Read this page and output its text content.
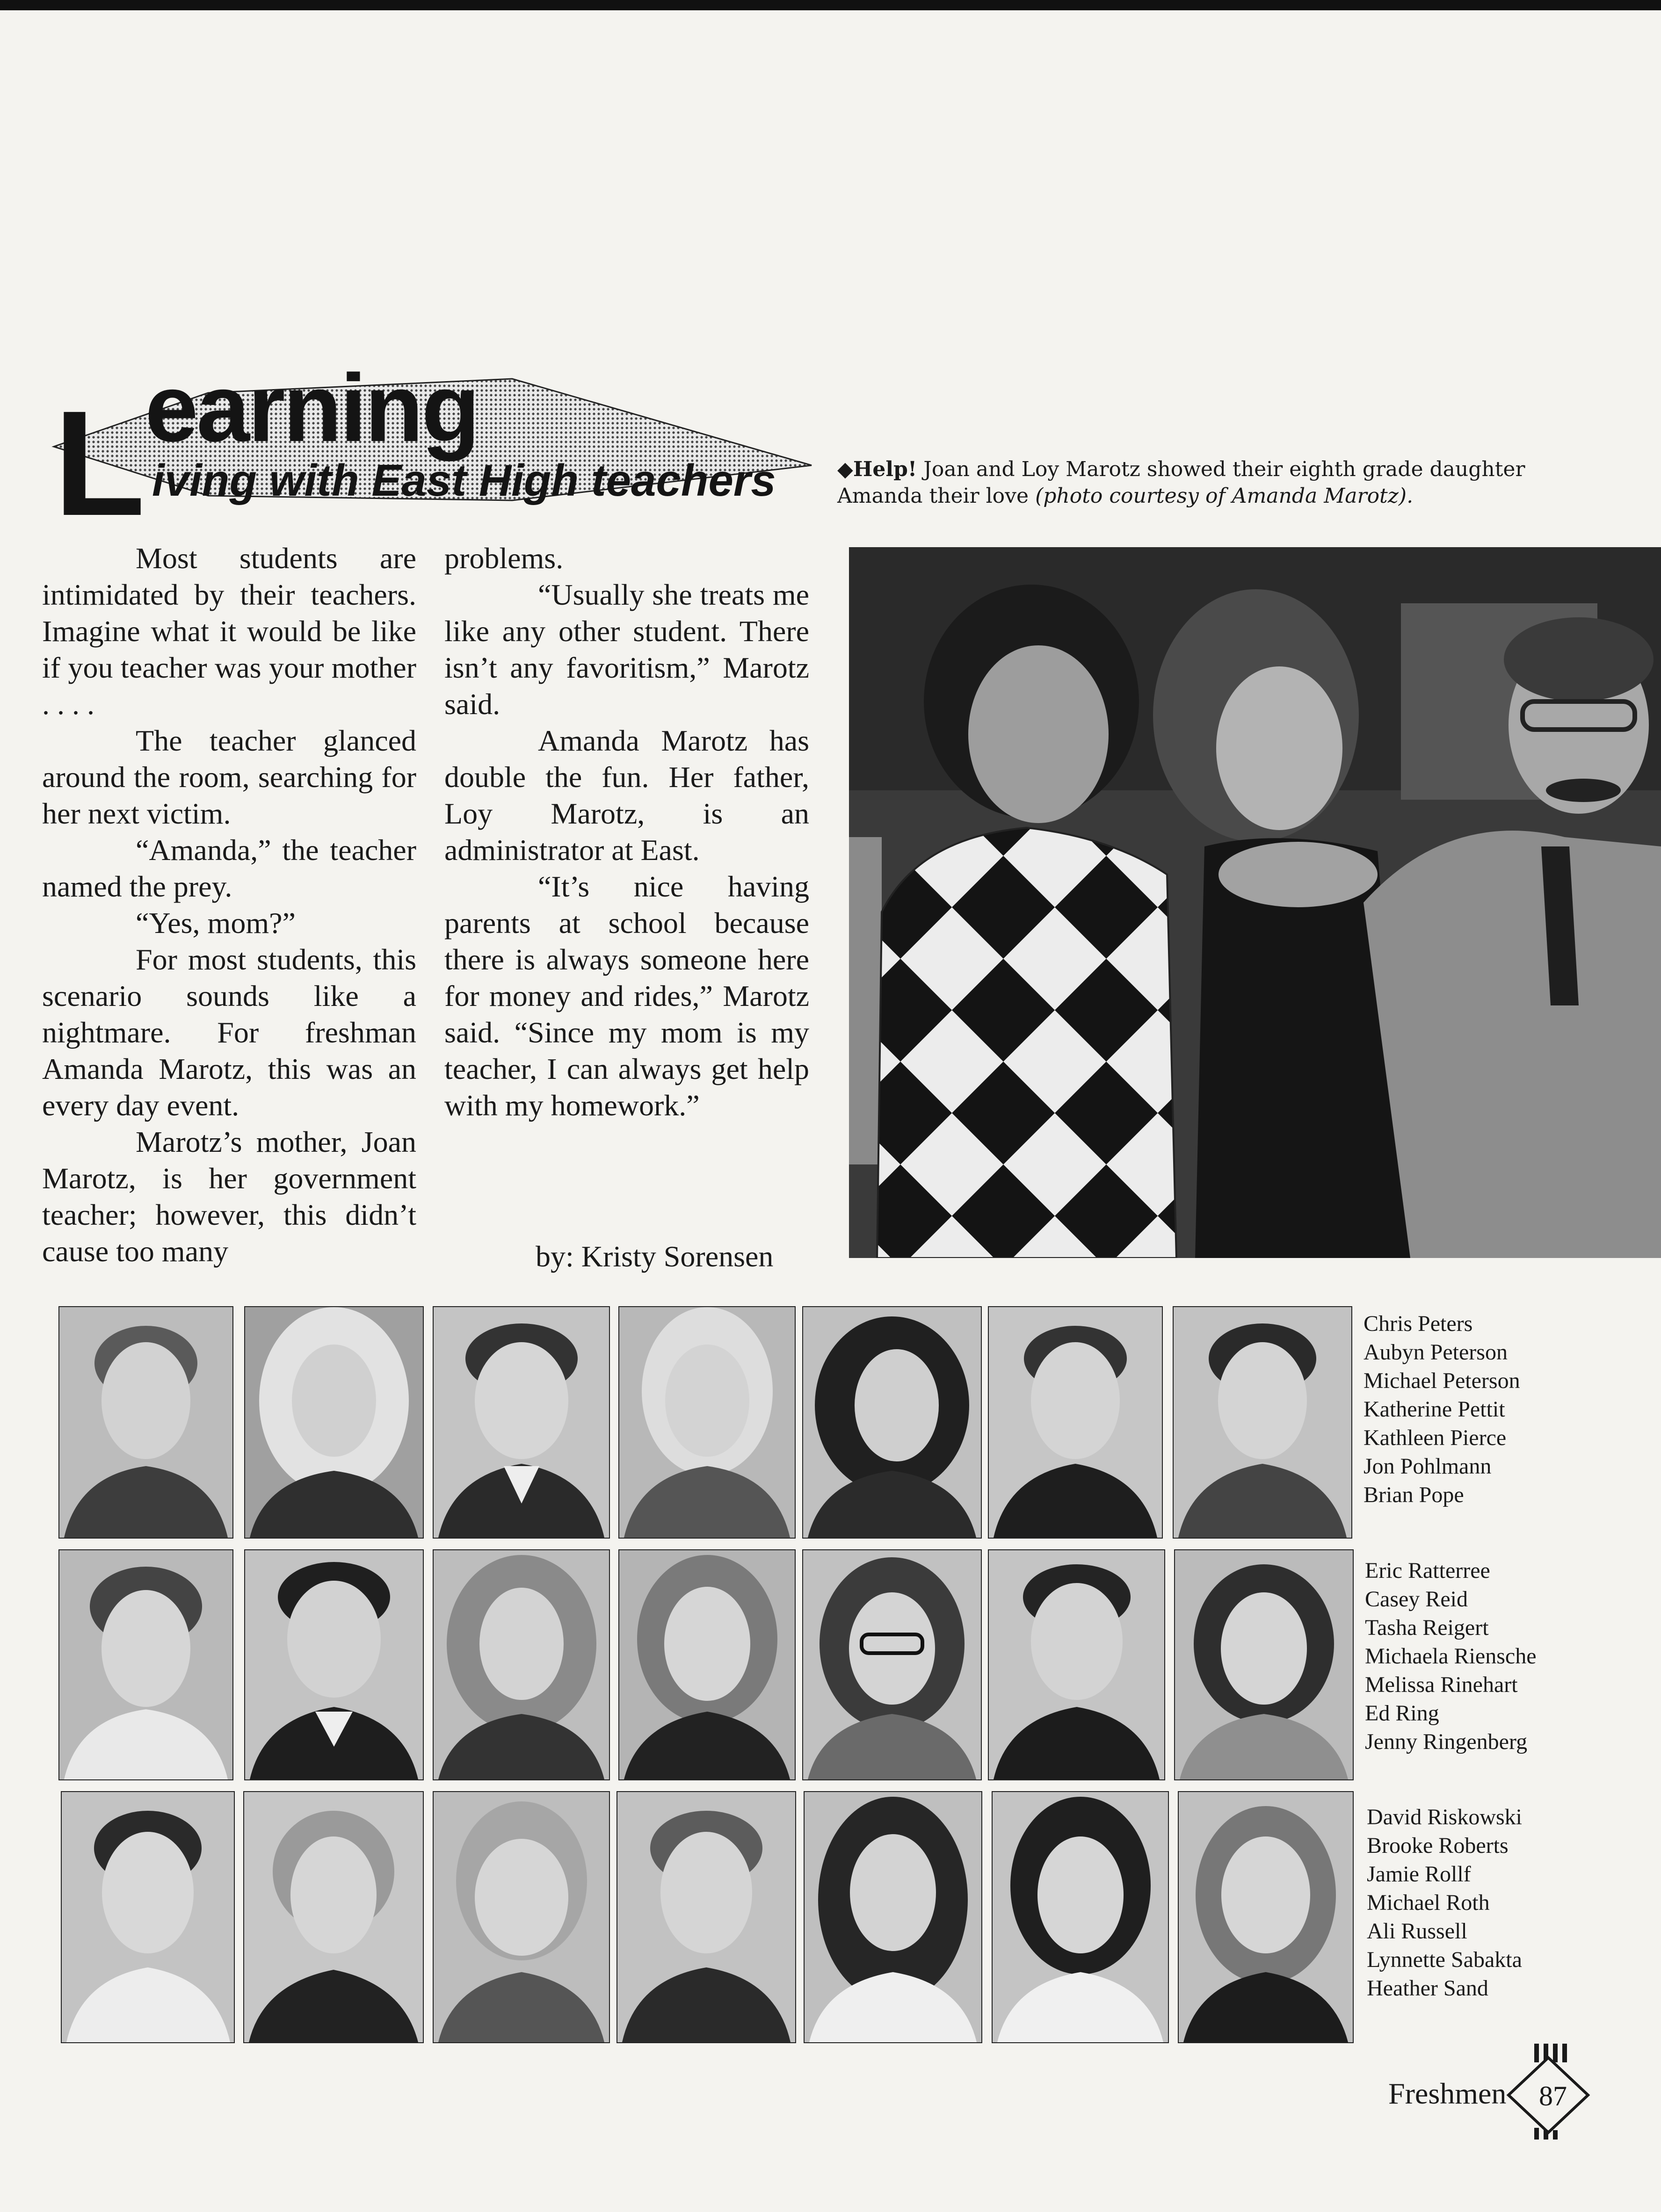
L earning
iving with East High teachers

Most students are intimidated by their teachers. Imagine what it would be like if you teacher was your mother . . . .

The teacher glanced around the room, searching for her next victim.

“Amanda,” the teacher named the prey.

“Yes, mom?”

For most students, this scenario sounds like a nightmare. For freshman Amanda Marotz, this was an every day event.

Marotz’s mother, Joan Marotz, is her government teacher; however, this didn’t cause too many

problems.

“Usually she treats me like any other student. There isn’t any favoritism,” Marotz said.

Amanda Marotz has double the fun. Her father, Loy Marotz, is an administrator at East.

“It’s nice having parents at school because there is always someone here for money and rides,” Marotz said. “Since my mom is my teacher, I can always get help with my homework.”

by: Kristy Sorensen
◆Help! Joan and Loy Marotz showed their eighth grade daughter Amanda their love (photo courtesy of Amanda Marotz).
Chris Peters
Aubyn Peterson
Michael Peterson
Katherine Pettit
Kathleen Pierce
Jon Pohlmann
Brian Pope
Eric Ratterree
Casey Reid
Tasha Reigert
Michaela Riensche
Melissa Rinehart
Ed Ring
Jenny Ringenberg
David Riskowski
Brooke Roberts
Jamie Rollf
Michael Roth
Ali Russell
Lynnette Sabakta
Heather Sand
Freshmen 87
